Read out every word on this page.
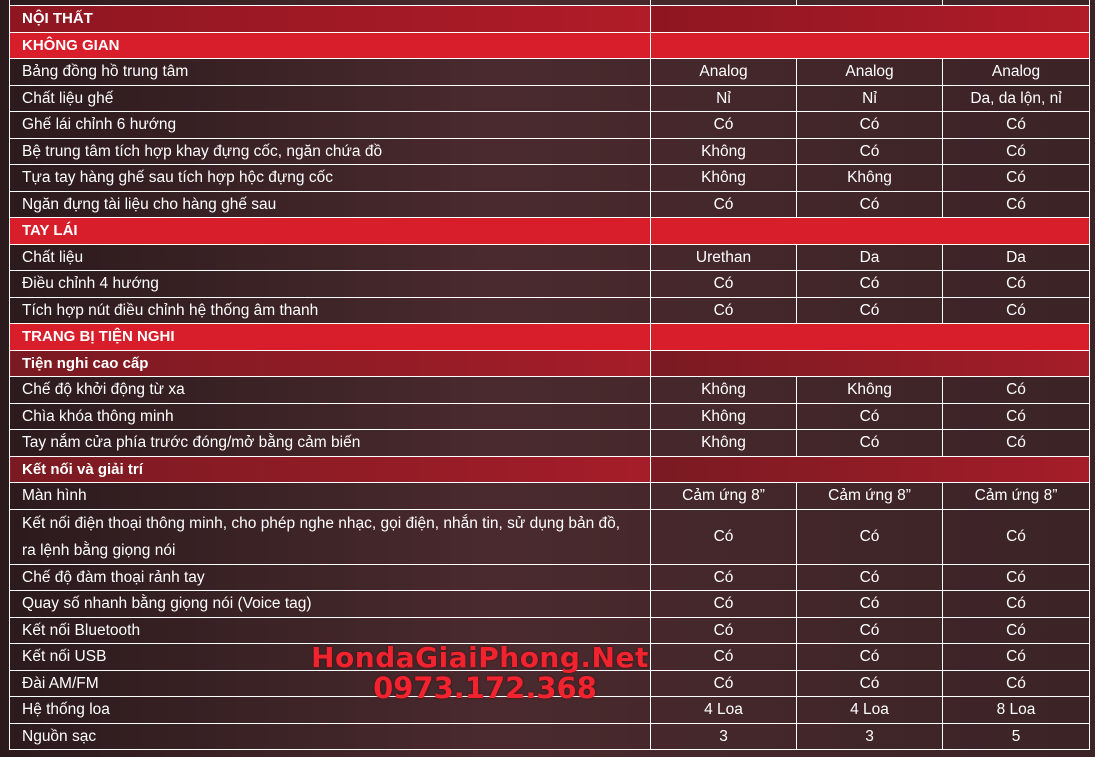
NỘI THẤT			
KHÔNG GIAN			
Bảng đồng hồ trung tâm	Analog	Analog	Analog
Chất liệu ghế	Nỉ	Nỉ	Da, da lộn, nỉ
Ghế lái chỉnh 6 hướng	Có	Có	Có
Bệ trung tâm tích hợp khay đựng cốc, ngăn chứa đồ	Không	Có	Có
Tựa tay hàng ghế sau tích hợp hộc đựng cốc	Không	Không	Có
Ngăn đựng tài liệu cho hàng ghế sau	Có	Có	Có
TAY LÁI			
Chất liệu	Urethan	Da	Da
Điều chỉnh 4 hướng	Có	Có	Có
Tích hợp nút điều chỉnh hệ thống âm thanh	Có	Có	Có
TRANG BỊ TIỆN NGHI			
Tiện nghi cao cấp			
Chế độ khởi động từ xa	Không	Không	Có
Chìa khóa thông minh	Không	Có	Có
Tay nắm cửa phía trước đóng/mở bằng cảm biến	Không	Có	Có
Kết nối và giải trí			
Màn hình	Cảm ứng 8”	Cảm ứng 8”	Cảm ứng 8”
Kết nối điện thoại thông minh, cho phép nghe nhạc, gọi điện, nhắn tin, sử dụng bản đồ, ra lệnh bằng giọng nói	Có	Có	Có
Chế độ đàm thoại rảnh tay	Có	Có	Có
Quay số nhanh bằng giọng nói (Voice tag)	Có	Có	Có
Kết nối Bluetooth	Có	Có	Có
Kết nối USB	Có	Có	Có
Đài AM/FM	Có	Có	Có
Hệ thống loa	4 Loa	4 Loa	8 Loa
Nguồn sạc	3	3	5
HondaGiaiPhong.Net
0973.172.368
